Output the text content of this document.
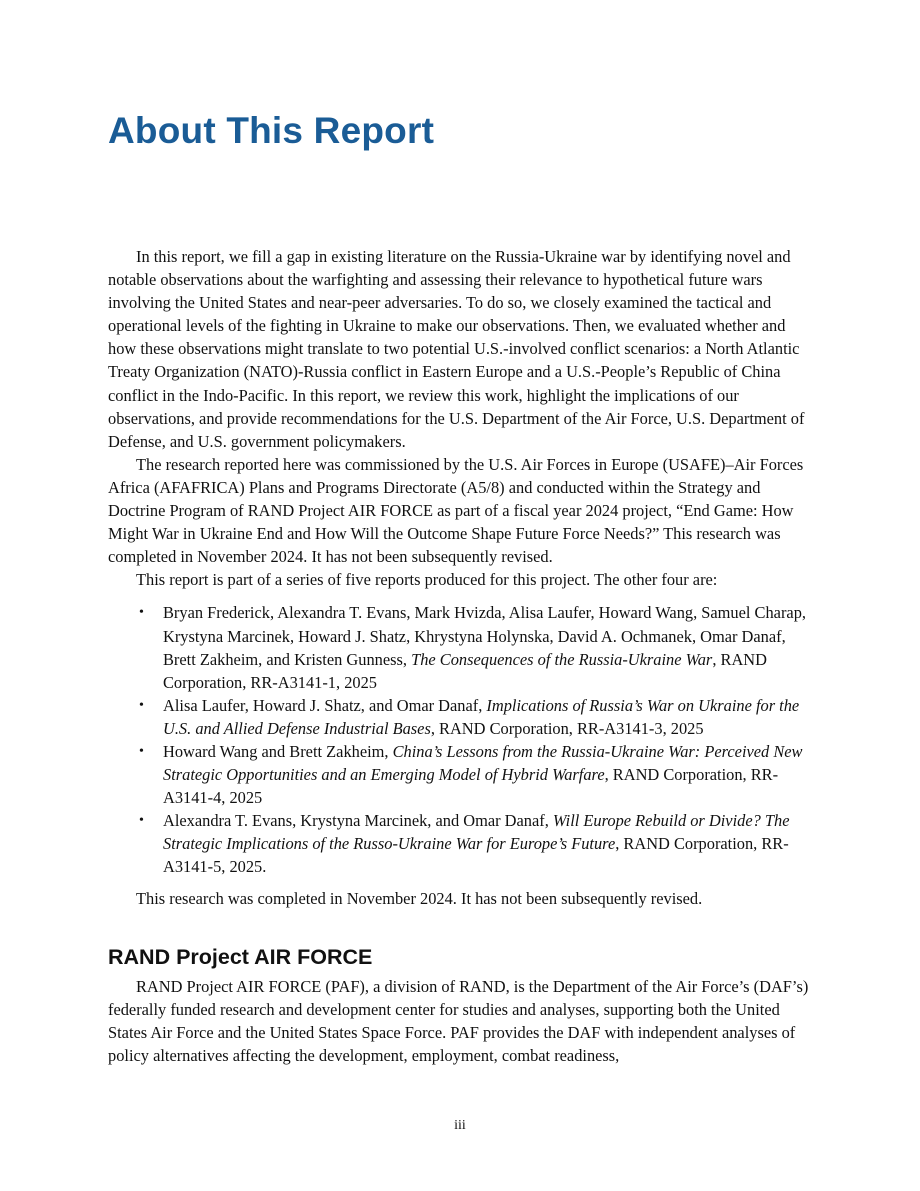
About This Report

In this report, we fill a gap in existing literature on the Russia-Ukraine war by identifying novel and notable observations about the warfighting and assessing their relevance to hypothetical future wars involving the United States and near-peer adversaries. To do so, we closely examined the tactical and operational levels of the fighting in Ukraine to make our observations. Then, we evaluated whether and how these observations might translate to two potential U.S.-involved conflict scenarios: a North Atlantic Treaty Organization (NATO)-Russia conflict in Eastern Europe and a U.S.-People’s Republic of China conflict in the Indo-Pacific. In this report, we review this work, highlight the implications of our observations, and provide recommendations for the U.S. Department of the Air Force, U.S. Department of Defense, and U.S. government policymakers.

The research reported here was commissioned by the U.S. Air Forces in Europe (USAFE)–Air Forces Africa (AFAFRICA) Plans and Programs Directorate (A5/8) and conducted within the Strategy and Doctrine Program of RAND Project AIR FORCE as part of a fiscal year 2024 project, “End Game: How Might War in Ukraine End and How Will the Outcome Shape Future Force Needs?” This research was completed in November 2024. It has not been subsequently revised.

This report is part of a series of five reports produced for this project. The other four are:

• Bryan Frederick, Alexandra T. Evans, Mark Hvizda, Alisa Laufer, Howard Wang, Samuel Charap, Krystyna Marcinek, Howard J. Shatz, Khrystyna Holynska, David A. Ochmanek, Omar Danaf, Brett Zakheim, and Kristen Gunness, The Consequences of the Russia-Ukraine War, RAND Corporation, RR-A3141-1, 2025
• Alisa Laufer, Howard J. Shatz, and Omar Danaf, Implications of Russia’s War on Ukraine for the U.S. and Allied Defense Industrial Bases, RAND Corporation, RR-A3141-3, 2025
• Howard Wang and Brett Zakheim, China’s Lessons from the Russia-Ukraine War: Perceived New Strategic Opportunities and an Emerging Model of Hybrid Warfare, RAND Corporation, RR-A3141-4, 2025
• Alexandra T. Evans, Krystyna Marcinek, and Omar Danaf, Will Europe Rebuild or Divide? The Strategic Implications of the Russo-Ukraine War for Europe’s Future, RAND Corporation, RR-A3141-5, 2025.

This research was completed in November 2024. It has not been subsequently revised.

RAND Project AIR FORCE

RAND Project AIR FORCE (PAF), a division of RAND, is the Department of the Air Force’s (DAF’s) federally funded research and development center for studies and analyses, supporting both the United States Air Force and the United States Space Force. PAF provides the DAF with independent analyses of policy alternatives affecting the development, employment, combat readiness,

iii
